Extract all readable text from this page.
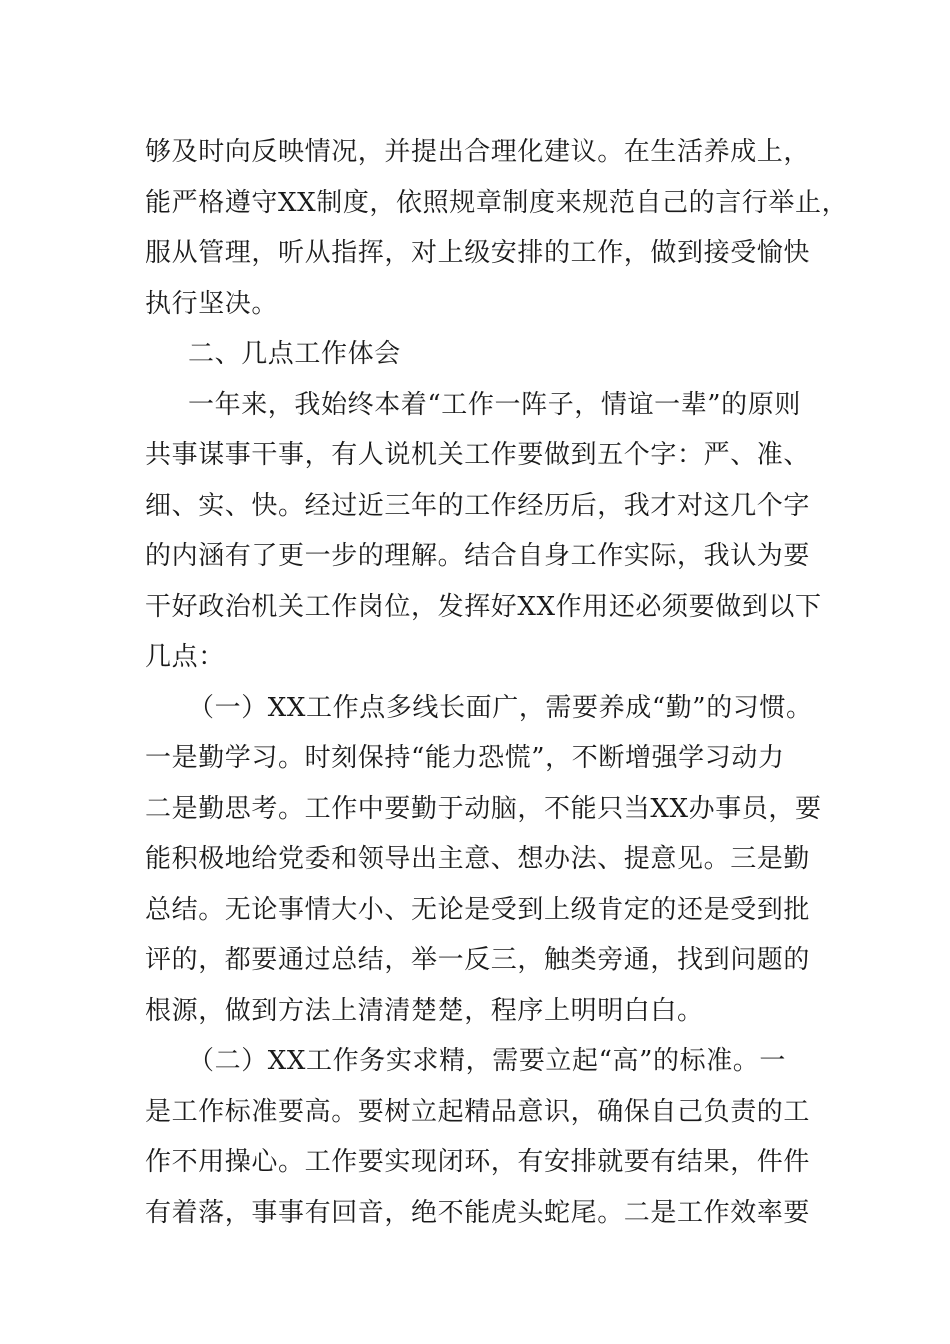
够及时向反映情况，并提出合理化建议。在生活养成上，
能严格遵守XX制度，依照规章制度来规范自己的言行举止，
服从管理，听从指挥，对上级安排的工作，做到接受愉快
执行坚决。
二、几点工作体会
一年来，我始终本着“工作一阵子，情谊一辈”的原则
共事谋事干事，有人说机关工作要做到五个字：严、准、
细、实、快。经过近三年的工作经历后，我才对这几个字
的内涵有了更一步的理解。结合自身工作实际，我认为要
干好政治机关工作岗位，发挥好XX作用还必须要做到以下
几点：
（一）XX工作点多线长面广，需要养成“勤”的习惯。
一是勤学习。时刻保持“能力恐慌”，不断增强学习动力
二是勤思考。工作中要勤于动脑，不能只当XX办事员，要
能积极地给党委和领导出主意、想办法、提意见。三是勤
总结。无论事情大小、无论是受到上级肯定的还是受到批
评的，都要通过总结，举一反三，触类旁通，找到问题的
根源，做到方法上清清楚楚，程序上明明白白。
（二）XX工作务实求精，需要立起“高”的标准。一
是工作标准要高。要树立起精品意识，确保自己负责的工
作不用操心。工作要实现闭环，有安排就要有结果，件件
有着落，事事有回音，绝不能虎头蛇尾。二是工作效率要
